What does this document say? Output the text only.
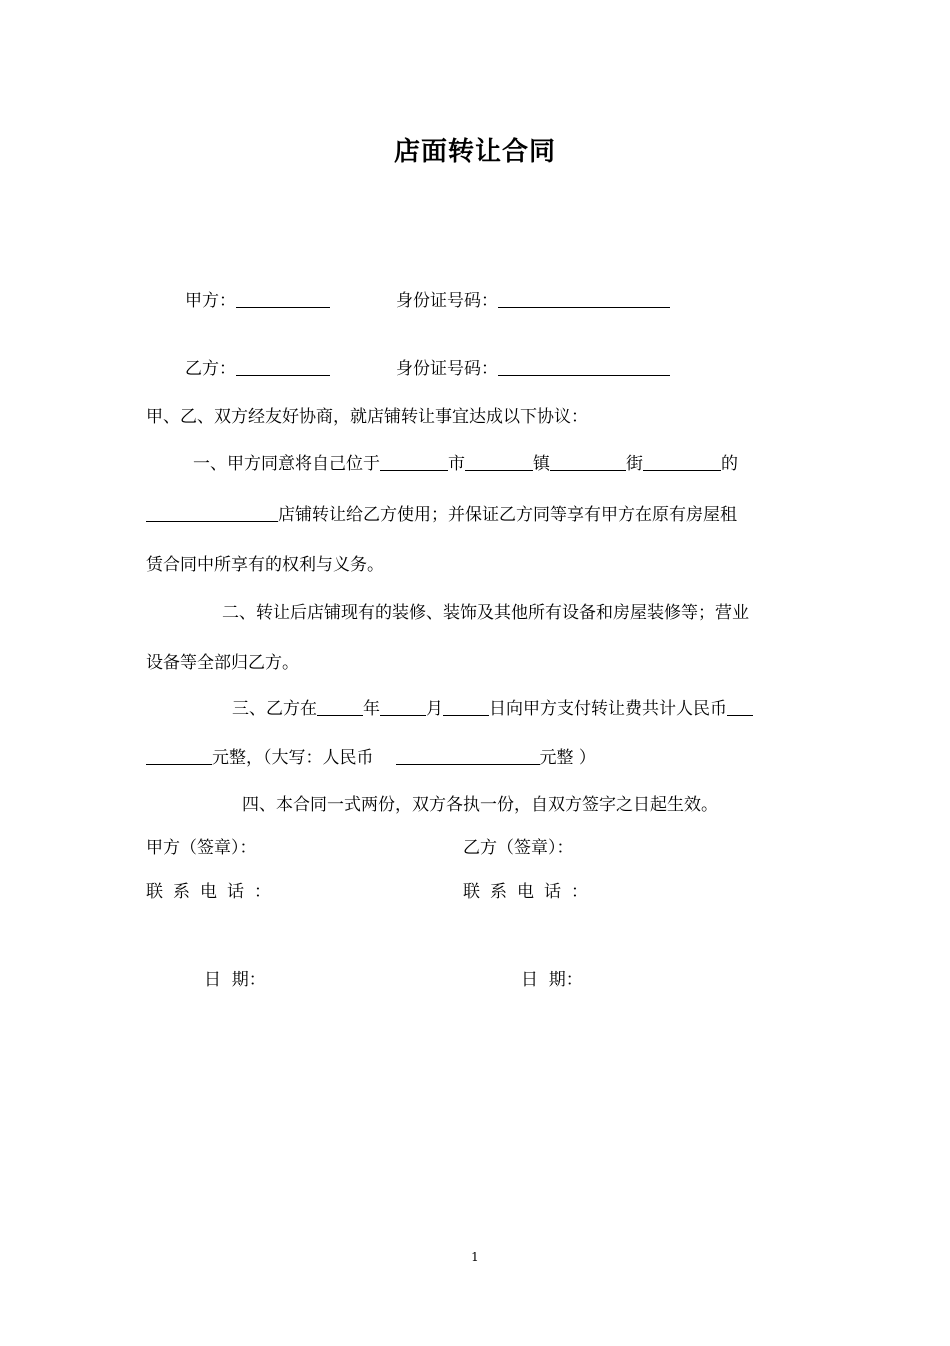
店面转让合同
甲方：	身份证号码：
乙方：	身份证号码：
甲、乙、双方经友好协商，就店铺转让事宜达成以下协议：
一、甲方同意将自己位于	市	镇	街	的
店铺转让给乙方使用；并保证乙方同等享有甲方在原有房屋租
赁合同中所享有的权利与义务。
二、转让后店铺现有的装修、装饰及其他所有设备和房屋装修等；营业
设备等全部归乙方。
三、乙方在	年	月	日向甲方支付转让费共计人民币
元整，（大写：人民币	元整 ）
四、本合同一式两份，双方各执一份，自双方签字之日起生效。
甲方（签章）：	乙方（签章）：
联系电话：	联系电话：
日  期：	日  期：
1
